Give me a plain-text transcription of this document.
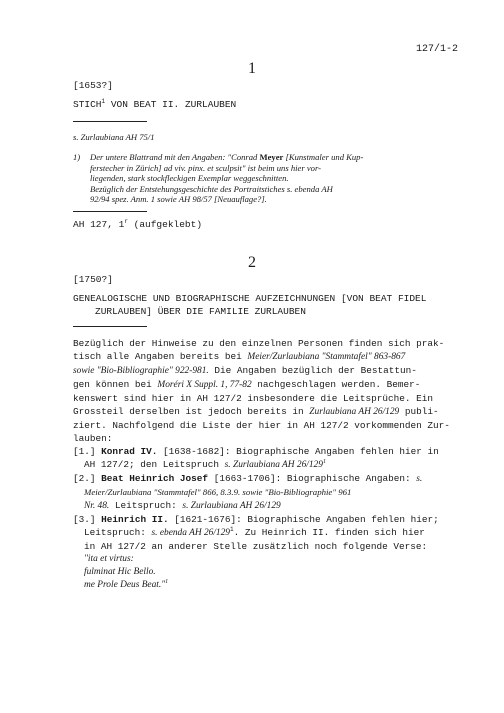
127/1-2
1
[1653?]
STICH$^1$ VON BEAT II. ZURLAUBEN
s. Zurlaubiana AH 75/1
1) Der untere Blattrand mit den Angaben: "Conrad Meyer [Kunstmaler und Kup-
ferstecher in Zürich] ad viv. pinx. et sculpsit" ist beim uns hier vor-
liegenden, stark stockfleckigen Exemplar weggeschnitten.
Bezüglich der Entstehungsgeschichte des Portraitstiches s. ebenda AH
92/94 spez. Anm. 1 sowie AH 98/57 [Neuauflage?].
AH 127, 1$^r$ (aufgeklebt)
2
[1750?]
GENEALOGISCHE UND BIOGRAPHISCHE AUFZEICHNUNGEN [VON BEAT FIDEL
ZURLAUBEN] ÜBER DIE FAMILIE ZURLAUBEN
Bezüglich der Hinweise zu den einzelnen Personen finden sich prak-
tisch alle Angaben bereits bei Meier/Zurlaubiana "Stammtafel" 863-867
sowie "Bio-Bibliographie" 922-981. Die Angaben bezüglich der Bestattun-
gen können bei Moréri X Suppl. 1, 77-82 nachgeschlagen werden. Bemer-
kenswert sind hier in AH 127/2 insbesondere die Leitsprüche. Ein
Grossteil derselben ist jedoch bereits in Zurlaubiana AH 26/129 publi-
ziert. Nachfolgend die Liste der hier in AH 127/2 vorkommenden Zur-
lauben:
[1.] Konrad IV. [1638-1682]: Biographische Angaben fehlen hier in
AH 127/2; den Leitspruch s. Zurlaubiana AH $26/129^1$
[2.] Beat Heinrich Josef [1663-1706]: Biographische Angaben: s.
Meier/Zurlaubiana "Stammtafel" 866, 8.3.9. sowie "Bio-Bibliographie" 961
Nr. 48. Leitspruch: s. Zurlaubiana AH 26/129
[3.] Heinrich II. [1621-1676]: Biographische Angaben fehlen hier;
Leitspruch: s. ebenda AH $26/129^1$. Zu Heinrich II. finden sich hier
in AH 127/2 an anderer Stelle zusätzlich noch folgende Verse:
"ita et virtus:
fulminat Hic Bello.
me Prole Deus Beat."$^1$
